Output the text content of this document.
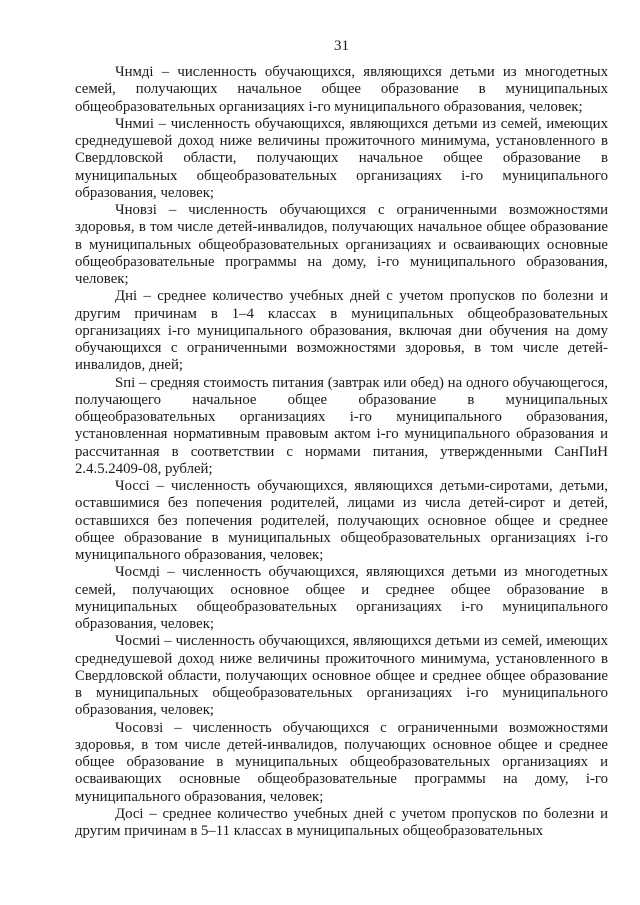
31

Чнмдi – численность обучающихся, являющихся детьми из многодетных семей, получающих начальное общее образование в муниципальных общеобразовательных организациях i-го муниципального образования, человек;

Чнмиi – численность обучающихся, являющихся детьми из семей, имеющих среднедушевой доход ниже величины прожиточного минимума, установленного в Свердловской области, получающих начальное общее образование в муниципальных общеобразовательных организациях i-го муниципального образования, человек;

Чновзi – численность обучающихся с ограниченными возможностями здоровья, в том числе детей-инвалидов, получающих начальное общее образование в муниципальных общеобразовательных организациях и осваивающих основные общеобразовательные программы на дому, i-го муниципального образования, человек;

Днi – среднее количество учебных дней с учетом пропусков по болезни и другим причинам в 1–4 классах в муниципальных общеобразовательных организациях i-го муниципального образования, включая дни обучения на дому обучающихся с ограниченными возможностями здоровья, в том числе детей-инвалидов, дней;

Sпi – средняя стоимость питания (завтрак или обед) на одного обучающегося, получающего начальное общее образование в муниципальных общеобразовательных организациях i-го муниципального образования, установленная нормативным правовым актом i-го муниципального образования и рассчитанная в соответствии с нормами питания, утвержденными СанПиН 2.4.5.2409-08, рублей;

Чоссi – численность обучающихся, являющихся детьми-сиротами, детьми, оставшимися без попечения родителей, лицами из числа детей-сирот и детей, оставшихся без попечения родителей, получающих основное общее и среднее общее образование в муниципальных общеобразовательных организациях i-го муниципального образования, человек;

Чосмдi – численность обучающихся, являющихся детьми из многодетных семей, получающих основное общее и среднее общее образование в муниципальных общеобразовательных организациях i-го муниципального образования, человек;

Чосмиi – численность обучающихся, являющихся детьми из семей, имеющих среднедушевой доход ниже величины прожиточного минимума, установленного в Свердловской области, получающих основное общее и среднее общее образование в муниципальных общеобразовательных организациях i-го муниципального образования, человек;

Чосовзi – численность обучающихся с ограниченными возможностями здоровья, в том числе детей-инвалидов, получающих основное общее и среднее общее образование в муниципальных общеобразовательных организациях и осваивающих основные общеобразовательные программы на дому, i-го муниципального образования, человек;

Досi – среднее количество учебных дней с учетом пропусков по болезни и другим причинам в 5–11 классах в муниципальных общеобразовательных
